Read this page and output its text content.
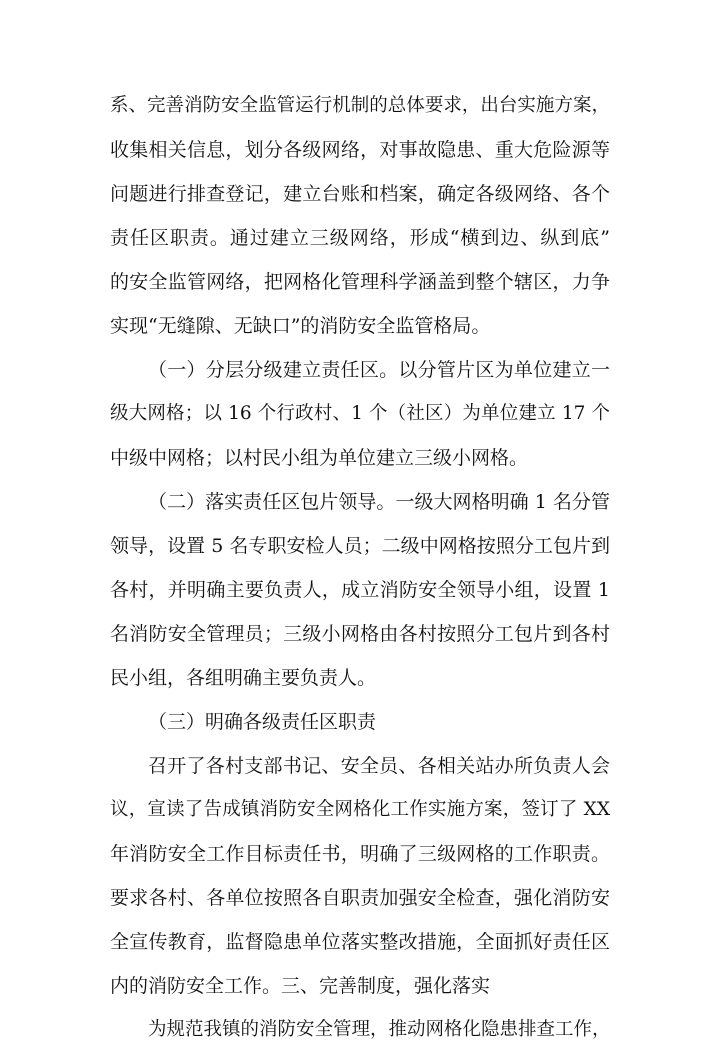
系、完善消防安全监管运行机制的总体要求，出台实施方案，
收集相关信息，划分各级网络，对事故隐患、重大危险源等
问题进行排查登记，建立台账和档案，确定各级网络、各个
责任区职责。通过建立三级网络，形成“横到边、纵到底”
的安全监管网络，把网格化管理科学涵盖到整个辖区，力争
实现“无缝隙、无缺口”的消防安全监管格局。
（一）分层分级建立责任区。以分管片区为单位建立一
级大网格；以 16 个行政村、1 个（社区）为单位建立 17 个
中级中网格；以村民小组为单位建立三级小网格。
（二）落实责任区包片领导。一级大网格明确 1 名分管
领导，设置 5 名专职安检人员；二级中网格按照分工包片到
各村，并明确主要负责人，成立消防安全领导小组，设置 1
名消防安全管理员；三级小网格由各村按照分工包片到各村
民小组，各组明确主要负责人。
（三）明确各级责任区职责
召开了各村支部书记、安全员、各相关站办所负责人会
议，宣读了告成镇消防安全网格化工作实施方案，签订了 XX
年消防安全工作目标责任书，明确了三级网格的工作职责。
要求各村、各单位按照各自职责加强安全检查，强化消防安
全宣传教育，监督隐患单位落实整改措施，全面抓好责任区
内的消防安全工作。三、完善制度，强化落实
为规范我镇的消防安全管理，推动网格化隐患排查工作，
